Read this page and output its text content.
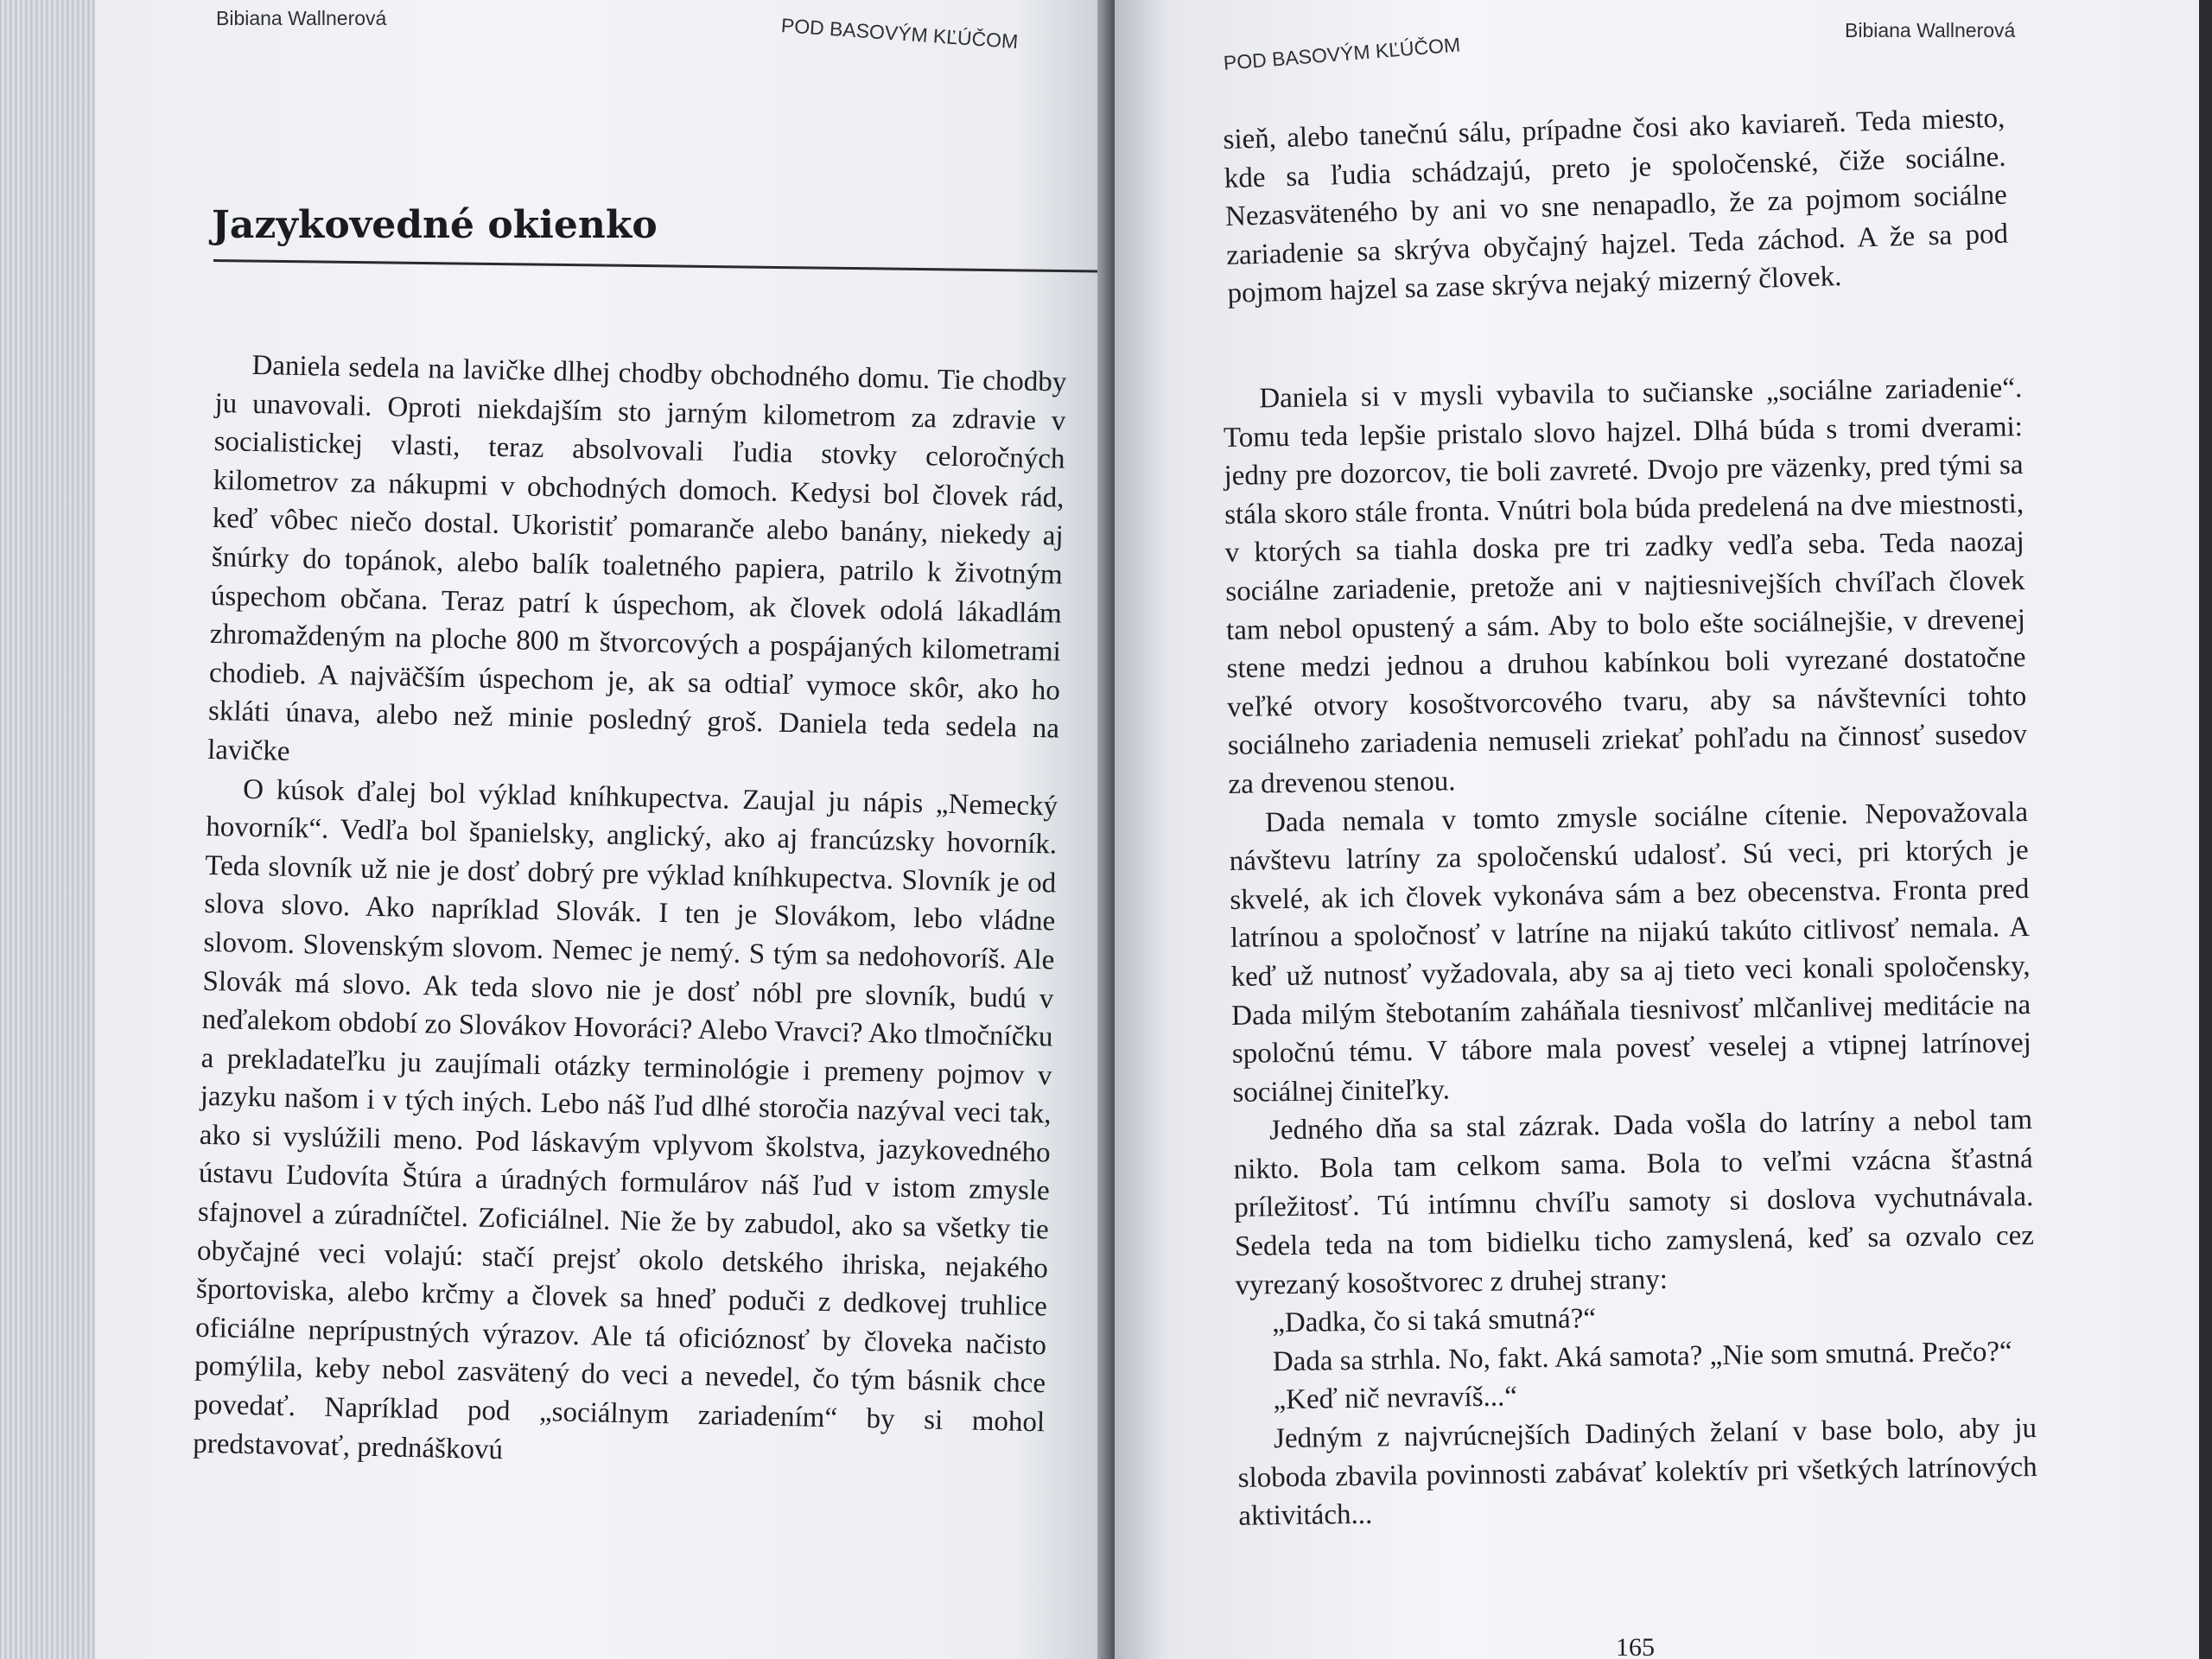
Bibiana Wallnerová	POD BASOVÝM KĽÚČOM
Jazykovedné okienko

Daniela sedela na lavičke dlhej chodby obchodného domu. Tie chodby ju unavovali. Oproti niekdajším sto jarným kilometrom za zdravie v socialistickej vlasti, teraz absolvovali ľudia stovky celoročných kilometrov za nákupmi v obchodných domoch. Kedysi bol človek rád, keď vôbec niečo dostal. Ukoristiť pomaranče alebo banány, niekedy aj šnúrky do topánok, alebo balík toaletného papiera, patrilo k životným úspechom občana. Teraz patrí k úspechom, ak človek odolá lákadlám zhromaždeným na ploche 800 m štvorcových a pospájaných kilometrami chodieb. A najväčším úspechom je, ak sa odtiaľ vymoce skôr, ako ho skláti únava, alebo než minie posledný groš. Daniela teda sedela na lavičke

O kúsok ďalej bol výklad kníhkupectva. Zaujal ju nápis „Nemecký hovorník“. Vedľa bol španielsky, anglický, ako aj francúzsky hovorník. Teda slovník už nie je dosť dobrý pre výklad kníhkupectva. Slovník je od slova slovo. Ako napríklad Slovák. I ten je Slovákom, lebo vládne slovom. Slovenským slovom. Nemec je nemý. S tým sa nedohovoríš. Ale Slovák má slovo. Ak teda slovo nie je dosť nóbl pre slovník, budú v neďalekom období zo Slovákov Hovoráci? Alebo Vravci? Ako tlmočníčku a prekladateľku ju zaujímali otázky terminológie i premeny pojmov v jazyku našom i v tých iných. Lebo náš ľud dlhé storočia nazýval veci tak, ako si vyslúžili meno. Pod láskavým vplyvom školstva, jazykovedného ústavu Ľudovíta Štúra a úradných formulárov náš ľud v istom zmysle sfajnovel a zúradníčtel. Zoficiálnel. Nie že by zabudol, ako sa všetky tie obyčajné veci volajú: stačí prejsť okolo detského ihriska, nejakého športoviska, alebo krčmy a človek sa hneď poduči z dedkovej truhlice oficiálne neprípustných výrazov. Ale tá oficióznosť by človeka načisto pomýlila, keby nebol zasvätený do veci a nevedel, čo tým básnik chce povedať. Napríklad pod „sociálnym zariadením“ by si mohol predstavovať, prednáškovú

POD BASOVÝM KĽÚČOM
Bibiana Wallnerová

sieň, alebo tanečnú sálu, prípadne čosi ako kaviareň. Teda miesto, kde sa ľudia schádzajú, preto je spoločenské, čiže sociálne. Nezasväteného by ani vo sne nenapadlo, že za pojmom sociálne zariadenie sa skrýva obyčajný hajzel. Teda záchod. A že sa pod pojmom hajzel sa zase skrýva nejaký mizerný človek.

Daniela si v mysli vybavila to sučianske „sociálne zariadenie“. Tomu teda lepšie pristalo slovo hajzel. Dlhá búda s tromi dverami: jedny pre dozorcov, tie boli zavreté. Dvojo pre väzenky, pred tými sa stála skoro stále fronta. Vnútri bola búda predelená na dve miestnosti, v ktorých sa tiahla doska pre tri zadky vedľa seba. Teda naozaj sociálne zariadenie, pretože ani v najtiesnivejších chvíľach človek tam nebol opustený a sám. Aby to bolo ešte sociálnejšie, v drevenej stene medzi jednou a druhou kabínkou boli vyrezané dostatočne veľké otvory kosoštvorcového tvaru, aby sa návštevníci tohto sociálneho zariadenia nemuseli zriekať pohľadu na činnosť susedov za drevenou stenou.

Dada nemala v tomto zmysle sociálne cítenie. Nepovažovala návštevu latríny za spoločenskú udalosť. Sú veci, pri ktorých je skvelé, ak ich človek vykonáva sám a bez obecenstva. Fronta pred latrínou a spoločnosť v latríne na nijakú takúto citlivosť nemala. A keď už nutnosť vyžadovala, aby sa aj tieto veci konali spoločensky, Dada milým štebotaním zaháňala tiesnivosť mlčanlivej meditácie na spoločnú tému. V tábore mala povesť veselej a vtipnej latrínovej sociálnej činiteľky.

Jedného dňa sa stal zázrak. Dada vošla do latríny a nebol tam nikto. Bola tam celkom sama. Bola to veľmi vzácna šťastná príležitosť. Tú intímnu chvíľu samoty si doslova vychutnávala. Sedela teda na tom bidielku ticho zamyslená, keď sa ozvalo cez vyrezaný kosoštvorec z druhej strany:

„Dadka, čo si taká smutná?“

Dada sa strhla. No, fakt. Aká samota? „Nie som smutná. Prečo?“

„Keď nič nevravíš...“

Jedným z najvrúcnejších Dadiných želaní v base bolo, aby ju sloboda zbavila povinnosti zabávať kolektív pri všetkých latrínových aktivitách...

165
